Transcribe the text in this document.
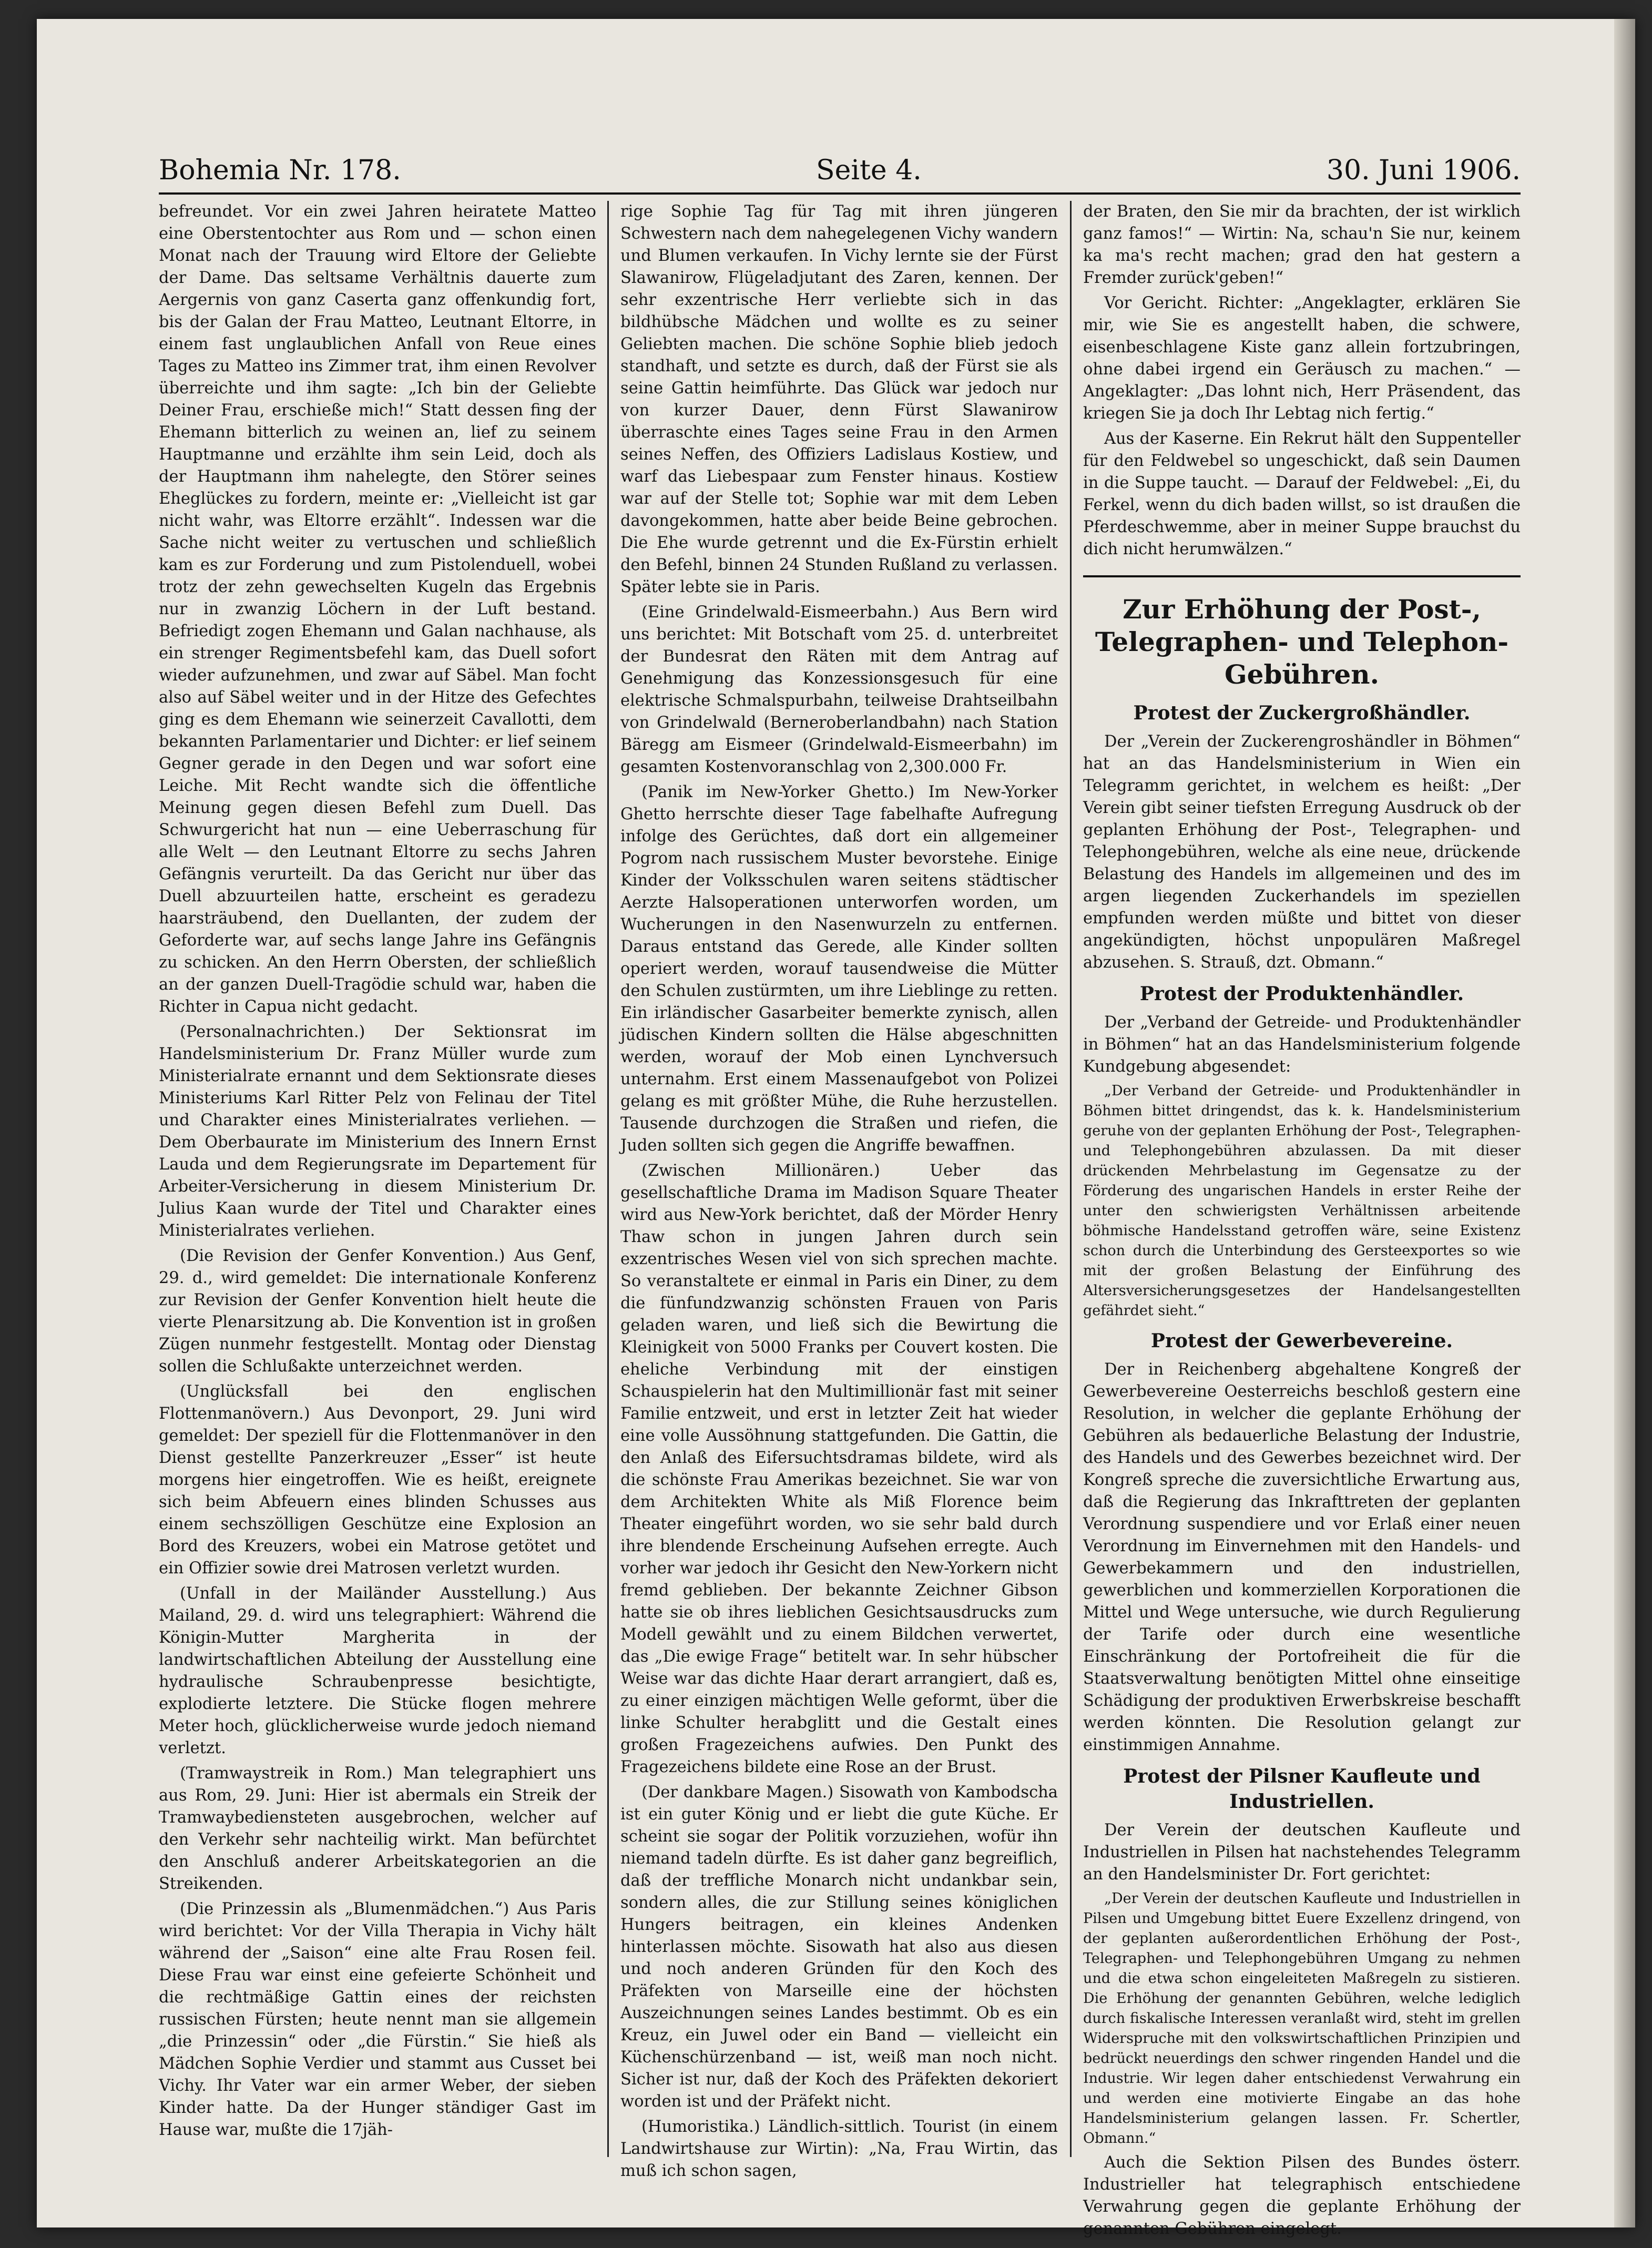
Bohemia Nr. 178.	Seite 4.	30. Juni 1906.

befreundet. Vor ein zwei Jahren heiratete Matteo eine Oberstentochter aus Rom und — schon einen Monat nach der Trauung wird Eltore der Geliebte der Dame. Das seltsame Verhältnis dauerte zum Aergernis von ganz Caserta ganz offenkundig fort, bis der Galan der Frau Matteo, Leutnant Eltorre, in einem fast unglaublichen Anfall von Reue eines Tages zu Matteo ins Zimmer trat, ihm einen Revolver überreichte und ihm sagte: „Ich bin der Geliebte Deiner Frau, erschieße mich!“ Statt dessen fing der Ehemann bitterlich zu weinen an, lief zu seinem Hauptmanne und erzählte ihm sein Leid, doch als der Hauptmann ihm nahelegte, den Störer seines Eheglückes zu fordern, meinte er: „Vielleicht ist gar nicht wahr, was Eltorre erzählt“. Indessen war die Sache nicht weiter zu vertuschen und schließlich kam es zur Forderung und zum Pistolenduell, wobei trotz der zehn gewechselten Kugeln das Ergebnis nur in zwanzig Löchern in der Luft bestand. Befriedigt zogen Ehemann und Galan nachhause, als ein strenger Regimentsbefehl kam, das Duell sofort wieder aufzunehmen, und zwar auf Säbel. Man focht also auf Säbel weiter und in der Hitze des Gefechtes ging es dem Ehemann wie seinerzeit Cavallotti, dem bekannten Parlamentarier und Dichter: er lief seinem Gegner gerade in den Degen und war sofort eine Leiche. Mit Recht wandte sich die öffentliche Meinung gegen diesen Befehl zum Duell. Das Schwurgericht hat nun — eine Ueberraschung für alle Welt — den Leutnant Eltorre zu sechs Jahren Gefängnis verurteilt. Da das Gericht nur über das Duell abzuurteilen hatte, erscheint es geradezu haarsträubend, den Duellanten, der zudem der Geforderte war, auf sechs lange Jahre ins Gefängnis zu schicken. An den Herrn Obersten, der schließlich an der ganzen Duell-Tragödie schuld war, haben die Richter in Capua nicht gedacht.

(Personalnachrichten.) Der Sektionsrat im Handelsministerium Dr. Franz Müller wurde zum Ministerialrate ernannt und dem Sektionsrate dieses Ministeriums Karl Ritter Pelz von Felinau der Titel und Charakter eines Ministerialrates verliehen. — Dem Oberbaurate im Ministerium des Innern Ernst Lauda und dem Regierungsrate im Departement für Arbeiter-Versicherung in diesem Ministerium Dr. Julius Kaan wurde der Titel und Charakter eines Ministerialrates verliehen.

(Die Revision der Genfer Konvention.) Aus Genf, 29. d., wird gemeldet: Die internationale Konferenz zur Revision der Genfer Konvention hielt heute die vierte Plenarsitzung ab. Die Konvention ist in großen Zügen nunmehr festgestellt. Montag oder Dienstag sollen die Schlußakte unterzeichnet werden.

(Unglücksfall bei den englischen Flottenmanövern.) Aus Devonport, 29. Juni wird gemeldet: Der speziell für die Flottenmanöver in den Dienst gestellte Panzerkreuzer „Esser“ ist heute morgens hier eingetroffen. Wie es heißt, ereignete sich beim Abfeuern eines blinden Schusses aus einem sechszölligen Geschütze eine Explosion an Bord des Kreuzers, wobei ein Matrose getötet und ein Offizier sowie drei Matrosen verletzt wurden.

(Unfall in der Mailänder Ausstellung.) Aus Mailand, 29. d. wird uns telegraphiert: Während die Königin-Mutter Margherita in der landwirtschaftlichen Abteilung der Ausstellung eine hydraulische Schraubenpresse besichtigte, explodierte letztere. Die Stücke flogen mehrere Meter hoch, glücklicherweise wurde jedoch niemand verletzt.

(Tramwaystreik in Rom.) Man telegraphiert uns aus Rom, 29. Juni: Hier ist abermals ein Streik der Tramwaybediensteten ausgebrochen, welcher auf den Verkehr sehr nachteilig wirkt. Man befürchtet den Anschluß anderer Arbeitskategorien an die Streikenden.

(Die Prinzessin als „Blumenmädchen.“) Aus Paris wird berichtet: Vor der Villa Therapia in Vichy hält während der „Saison“ eine alte Frau Rosen feil. Diese Frau war einst eine gefeierte Schönheit und die rechtmäßige Gattin eines der reichsten russischen Fürsten; heute nennt man sie allgemein „die Prinzessin“ oder „die Fürstin.“ Sie hieß als Mädchen Sophie Verdier und stammt aus Cusset bei Vichy. Ihr Vater war ein armer Weber, der sieben Kinder hatte. Da der Hunger ständiger Gast im Hause war, mußte die 17jäh-

rige Sophie Tag für Tag mit ihren jüngeren Schwestern nach dem nahegelegenen Vichy wandern und Blumen verkaufen. In Vichy lernte sie der Fürst Slawanirow, Flügeladjutant des Zaren, kennen. Der sehr exzentrische Herr verliebte sich in das bildhübsche Mädchen und wollte es zu seiner Geliebten machen. Die schöne Sophie blieb jedoch standhaft, und setzte es durch, daß der Fürst sie als seine Gattin heimführte. Das Glück war jedoch nur von kurzer Dauer, denn Fürst Slawanirow überraschte eines Tages seine Frau in den Armen seines Neffen, des Offiziers Ladislaus Kostiew, und warf das Liebespaar zum Fenster hinaus. Kostiew war auf der Stelle tot; Sophie war mit dem Leben davongekommen, hatte aber beide Beine gebrochen. Die Ehe wurde getrennt und die Ex-Fürstin erhielt den Befehl, binnen 24 Stunden Rußland zu verlassen. Später lebte sie in Paris.

(Eine Grindelwald-Eismeerbahn.) Aus Bern wird uns berichtet: Mit Botschaft vom 25. d. unterbreitet der Bundesrat den Räten mit dem Antrag auf Genehmigung das Konzessionsgesuch für eine elektrische Schmalspurbahn, teilweise Drahtseilbahn von Grindelwald (Berneroberlandbahn) nach Station Bäregg am Eismeer (Grindelwald-Eismeerbahn) im gesamten Kostenvoranschlag von 2,300.000 Fr.

(Panik im New-Yorker Ghetto.) Im New-Yorker Ghetto herrschte dieser Tage fabelhafte Aufregung infolge des Gerüchtes, daß dort ein allgemeiner Pogrom nach russischem Muster bevorstehe. Einige Kinder der Volksschulen waren seitens städtischer Aerzte Halsoperationen unterworfen worden, um Wucherungen in den Nasenwurzeln zu entfernen. Daraus entstand das Gerede, alle Kinder sollten operiert werden, worauf tausendweise die Mütter den Schulen zustürmten, um ihre Lieblinge zu retten. Ein irländischer Gasarbeiter bemerkte zynisch, allen jüdischen Kindern sollten die Hälse abgeschnitten werden, worauf der Mob einen Lynchversuch unternahm. Erst einem Massenaufgebot von Polizei gelang es mit größter Mühe, die Ruhe herzustellen. Tausende durchzogen die Straßen und riefen, die Juden sollten sich gegen die Angriffe bewaffnen.

(Zwischen Millionären.) Ueber das gesellschaftliche Drama im Madison Square Theater wird aus New-York berichtet, daß der Mörder Henry Thaw schon in jungen Jahren durch sein exzentrisches Wesen viel von sich sprechen machte. So veranstaltete er einmal in Paris ein Diner, zu dem die fünfundzwanzig schönsten Frauen von Paris geladen waren, und ließ sich die Bewirtung die Kleinigkeit von 5000 Franks per Couvert kosten. Die eheliche Verbindung mit der einstigen Schauspielerin hat den Multimillionär fast mit seiner Familie entzweit, und erst in letzter Zeit hat wieder eine volle Aussöhnung stattgefunden. Die Gattin, die den Anlaß des Eifersuchtsdramas bildete, wird als die schönste Frau Amerikas bezeichnet. Sie war von dem Architekten White als Miß Florence beim Theater eingeführt worden, wo sie sehr bald durch ihre blendende Erscheinung Aufsehen erregte. Auch vorher war jedoch ihr Gesicht den New-Yorkern nicht fremd geblieben. Der bekannte Zeichner Gibson hatte sie ob ihres lieblichen Gesichtsausdrucks zum Modell gewählt und zu einem Bildchen verwertet, das „Die ewige Frage“ betitelt war. In sehr hübscher Weise war das dichte Haar derart arrangiert, daß es, zu einer einzigen mächtigen Welle geformt, über die linke Schulter herabglitt und die Gestalt eines großen Fragezeichens aufwies. Den Punkt des Fragezeichens bildete eine Rose an der Brust.

(Der dankbare Magen.) Sisowath von Kambodscha ist ein guter König und er liebt die gute Küche. Er scheint sie sogar der Politik vorzuziehen, wofür ihn niemand tadeln dürfte. Es ist daher ganz begreiflich, daß der treffliche Monarch nicht undankbar sein, sondern alles, die zur Stillung seines königlichen Hungers beitragen, ein kleines Andenken hinterlassen möchte. Sisowath hat also aus diesen und noch anderen Gründen für den Koch des Präfekten von Marseille eine der höchsten Auszeichnungen seines Landes bestimmt. Ob es ein Kreuz, ein Juwel oder ein Band — vielleicht ein Küchenschürzenband — ist, weiß man noch nicht. Sicher ist nur, daß der Koch des Präfekten dekoriert worden ist und der Präfekt nicht.

(Humoristika.) Ländlich-sittlich. Tourist (in einem Landwirtshause zur Wirtin): „Na, Frau Wirtin, das muß ich schon sagen,

der Braten, den Sie mir da brachten, der ist wirklich ganz famos!“ — Wirtin: Na, schau'n Sie nur, keinem ka ma's recht machen; grad den hat gestern a Fremder zurück'geben!“

Vor Gericht. Richter: „Angeklagter, erklären Sie mir, wie Sie es angestellt haben, die schwere, eisenbeschlagene Kiste ganz allein fortzubringen, ohne dabei irgend ein Geräusch zu machen.“ — Angeklagter: „Das lohnt nich, Herr Präsendent, das kriegen Sie ja doch Ihr Lebtag nich fertig.“

Aus der Kaserne. Ein Rekrut hält den Suppenteller für den Feldwebel so ungeschickt, daß sein Daumen in die Suppe taucht. — Darauf der Feldwebel: „Ei, du Ferkel, wenn du dich baden willst, so ist draußen die Pferdeschwemme, aber in meiner Suppe brauchst du dich nicht herumwälzen.“

Zur Erhöhung der Post-, Telegraphen- und Telephon-Gebühren.
Protest der Zuckergroßhändler.

Der „Verein der Zuckerengroshändler in Böhmen“ hat an das Handelsministerium in Wien ein Telegramm gerichtet, in welchem es heißt: „Der Verein gibt seiner tiefsten Erregung Ausdruck ob der geplanten Erhöhung der Post-, Telegraphen- und Telephongebühren, welche als eine neue, drückende Belastung des Handels im allgemeinen und des im argen liegenden Zuckerhandels im speziellen empfunden werden müßte und bittet von dieser angekündigten, höchst unpopulären Maßregel abzusehen. S. Strauß, dzt. Obmann.“

Protest der Produktenhändler.

Der „Verband der Getreide- und Produktenhändler in Böhmen“ hat an das Handelsministerium folgende Kundgebung abgesendet:

„Der Verband der Getreide- und Produktenhändler in Böhmen bittet dringendst, das k. k. Handelsministerium geruhe von der geplanten Erhöhung der Post-, Telegraphen- und Telephongebühren abzulassen. Da mit dieser drückenden Mehrbelastung im Gegensatze zu der Förderung des ungarischen Handels in erster Reihe der unter den schwierigsten Verhältnissen arbeitende böhmische Handelsstand getroffen wäre, seine Existenz schon durch die Unterbindung des Gersteexportes so wie mit der großen Belastung der Einführung des Altersversicherungsgesetzes der Handelsangestellten gefährdet sieht.“

Protest der Gewerbevereine.

Der in Reichenberg abgehaltene Kongreß der Gewerbevereine Oesterreichs beschloß gestern eine Resolution, in welcher die geplante Erhöhung der Gebühren als bedauerliche Belastung der Industrie, des Handels und des Gewerbes bezeichnet wird. Der Kongreß spreche die zuversichtliche Erwartung aus, daß die Regierung das Inkrafttreten der geplanten Verordnung suspendiere und vor Erlaß einer neuen Verordnung im Einvernehmen mit den Handels- und Gewerbekammern und den industriellen, gewerblichen und kommerziellen Korporationen die Mittel und Wege untersuche, wie durch Regulierung der Tarife oder durch eine wesentliche Einschränkung der Portofreiheit die für die Staatsverwaltung benötigten Mittel ohne einseitige Schädigung der produktiven Erwerbskreise beschafft werden könnten. Die Resolution gelangt zur einstimmigen Annahme.

Protest der Pilsner Kaufleute und Industriellen.

Der Verein der deutschen Kaufleute und Industriellen in Pilsen hat nachstehendes Telegramm an den Handelsminister Dr. Fort gerichtet:

„Der Verein der deutschen Kaufleute und Industriellen in Pilsen und Umgebung bittet Euere Exzellenz dringend, von der geplanten außerordentlichen Erhöhung der Post-, Telegraphen- und Telephongebühren Umgang zu nehmen und die etwa schon eingeleiteten Maßregeln zu sistieren. Die Erhöhung der genannten Gebühren, welche lediglich durch fiskalische Interessen veranlaßt wird, steht im grellen Widerspruche mit den volkswirtschaftlichen Prinzipien und bedrückt neuerdings den schwer ringenden Handel und die Industrie. Wir legen daher entschiedenst Verwahrung ein und werden eine motivierte Eingabe an das hohe Handelsministerium gelangen lassen. Fr. Schertler, Obmann.“

Auch die Sektion Pilsen des Bundes österr. Industrieller hat telegraphisch entschiedene Verwahrung gegen die geplante Erhöhung der genannten Gebühren eingelegt.
